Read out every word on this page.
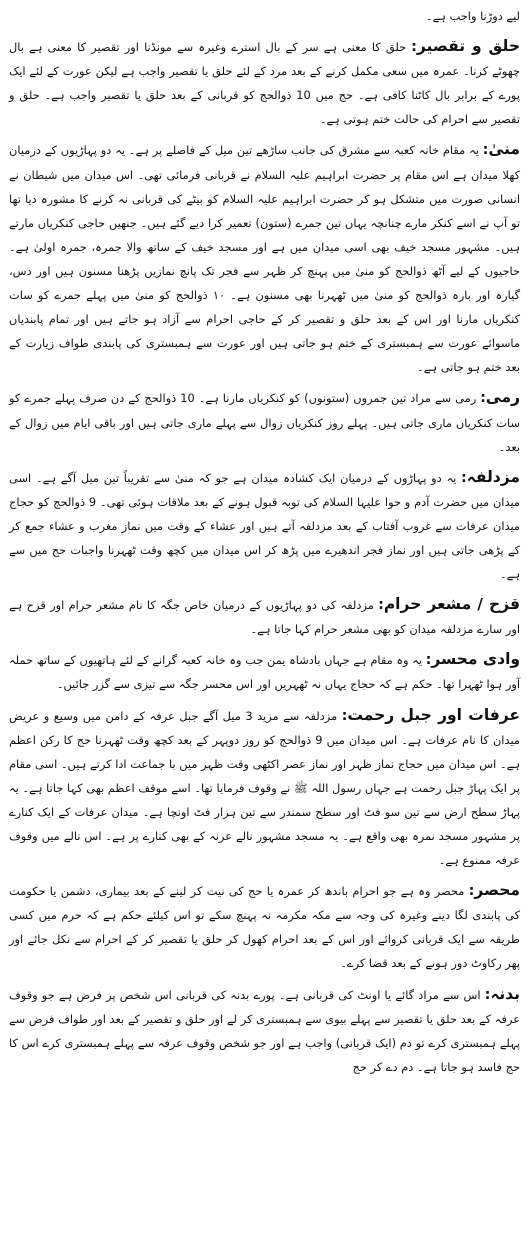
لیے دوڑنا واجب ہے۔

حلق و تقصیر: حلق کا معنی ہے سر کے بال استرے وغیرہ سے مونڈنا اور تقصیر کا معنی ہے بال چھوٹے کرنا۔ عمرہ میں سعی مکمل کرنے کے بعد مرد کے لئے حلق یا تقصیر واجب ہے لیکن عورت کے لئے ایک پورے کے برابر بال کاٹنا کافی ہے۔ حج میں 10 ذوالحج کو قربانی کے بعد حلق یا تقصیر واجب ہے۔ حلق و تقصیر سے احرام کی حالت ختم ہوتی ہے۔

منیٰ: یہ مقام خانہ کعبہ سے مشرق کی جانب ساڑھے تین میل کے فاصلے پر ہے۔ یہ دو پہاڑیوں کے درمیان کھلا میدان ہے اس مقام پر حضرت ابراہیم علیہ السلام نے قربانی فرمائی تھی۔ اس میدان میں شیطان نے انسانی صورت میں متشکل ہو کر حضرت ابراہیم علیہ السلام کو بیٹے کی قربانی نہ کرنے کا مشورہ دیا تھا تو آپ نے اسے کنکر مارے چنانچہ یہاں تین جمرے (ستون) تعمیر کرا دیے گئے ہیں۔ جنھیں حاجی کنکریاں مارتے ہیں۔ مشہور مسجد خیف بھی اسی میدان میں ہے اور مسجد خیف کے ساتھ والا جمرہ، جمرہ اولیٰ ہے۔ حاجیوں کے لیے آٹھ ذوالحج کو منیٰ میں پہنچ کر ظہر سے فجر تک پانچ نمازیں پڑھنا مسنون ہیں اور دس، گیارہ اور بارہ ذوالحج کو منیٰ میں ٹھہرنا بھی مسنون ہے۔ ۱۰ ذوالحج کو منیٰ میں پہلے جمرے کو سات کنکریاں مارنا اور اس کے بعد حلق و تقصیر کر کے حاجی احرام سے آزاد ہو جاتے ہیں اور تمام پابندیاں ماسوائے عورت سے ہمبستری کے ختم ہو جاتی ہیں اور عورت سے ہمبستری کی پابندی طواف زیارت کے بعد ختم ہو جاتی ہے۔

رمی: رمی سے مراد تین جمروں (ستونوں) کو کنکریاں مارنا ہے۔ 10 ذوالحج کے دن صرف پہلے جمرے کو سات کنکریاں ماری جاتی ہیں۔ پہلے روز کنکریاں زوال سے پہلے ماری جاتی ہیں اور باقی ایام میں زوال کے بعد۔

مزدلفہ: یہ دو پہاڑوں کے درمیان ایک کشادہ میدان ہے جو کہ منیٰ سے تقریباً تین میل آگے ہے۔ اسی میدان میں حضرت آدم و حوا علیہا السلام کی توبہ قبول ہونے کے بعد ملاقات ہوئی تھی۔ 9 ذوالحج کو حجاج میدان عرفات سے غروب آفتاب کے بعد مزدلفہ آتے ہیں اور عشاء کے وقت میں نماز مغرب و عشاء جمع کر کے پڑھی جاتی ہیں اور نماز فجر اندھیرے میں پڑھ کر اس میدان میں کچھ وقت ٹھہرنا واجبات حج میں سے ہے۔

قزح / مشعر حرام: مزدلفہ کی دو پہاڑیوں کے درمیان خاص جگہ کا نام مشعر حرام اور قزح ہے اور سارے مزدلفہ میدان کو بھی مشعر حرام کہا جاتا ہے۔

وادی محسر: یہ وہ مقام ہے جہاں بادشاہ یمن جب وہ خانہ کعبہ گرانے کے لئے ہاتھیوں کے ساتھ حملہ آور ہوا ٹھہرا تھا۔ حکم ہے کہ حجاج یہاں نہ ٹھہریں اور اس محسر جگہ سے تیزی سے گزر جائیں۔

عرفات اور جبل رحمت: مزدلفہ سے مزید 3 میل آگے جبل عرفہ کے دامن میں وسیع و عریض میدان کا نام عرفات ہے۔ اس میدان میں 9 ذوالحج کو روز دوپہر کے بعد کچھ وقت ٹھہرنا حج کا رکن اعظم ہے۔ اس میدان میں حجاج نماز ظہر اور نماز عصر اکٹھی وقت ظہر میں با جماعت ادا کرتے ہیں۔ اسی مقام پر ایک پہاڑ جبل رحمت ہے جہاں رسول اللہ ﷺ نے وقوف فرمایا تھا۔ اسے موقف اعظم بھی کہا جاتا ہے۔ یہ پہاڑ سطح ارض سے تین سو فٹ اور سطح سمندر سے تین ہزار فٹ اونچا ہے۔ میدان عرفات کے ایک کنارے پر مشہور مسجد نمرہ بھی واقع ہے۔ یہ مسجد مشہور نالے عرنہ کے بھی کنارے پر ہے۔ اس نالے میں وقوف عرفہ ممنوع ہے۔

محصر: محصر وہ ہے جو احرام باندھ کر عمرہ یا حج کی نیت کر لینے کے بعد بیماری، دشمن یا حکومت کی پابندی لگا دینے وغیرہ کی وجہ سے مکہ مکرمہ نہ پہنچ سکے تو اس کیلئے حکم ہے کہ حرم میں کسی طریقہ سے ایک قربانی کروائے اور اس کے بعد احرام کھول کر حلق یا تقصیر کر کے احرام سے نکل جائے اور پھر رکاوٹ دور ہونے کے بعد قضا کرے۔

بدنہ: اس سے مراد گائے یا اونٹ کی قربانی ہے۔ پورے بدنہ کی قربانی اس شخص پر فرض ہے جو وقوف عرفہ کے بعد حلق یا تقصیر سے پہلے بیوی سے ہمبستری کر لے اور حلق و تقصیر کے بعد اور طواف فرض سے پہلے ہمبستری کرے تو دم (ایک قربانی) واجب ہے اور جو شخص وقوف عرفہ سے پہلے ہمبستری کرے اس کا حج فاسد ہو جاتا ہے۔ دم دے کر حج
